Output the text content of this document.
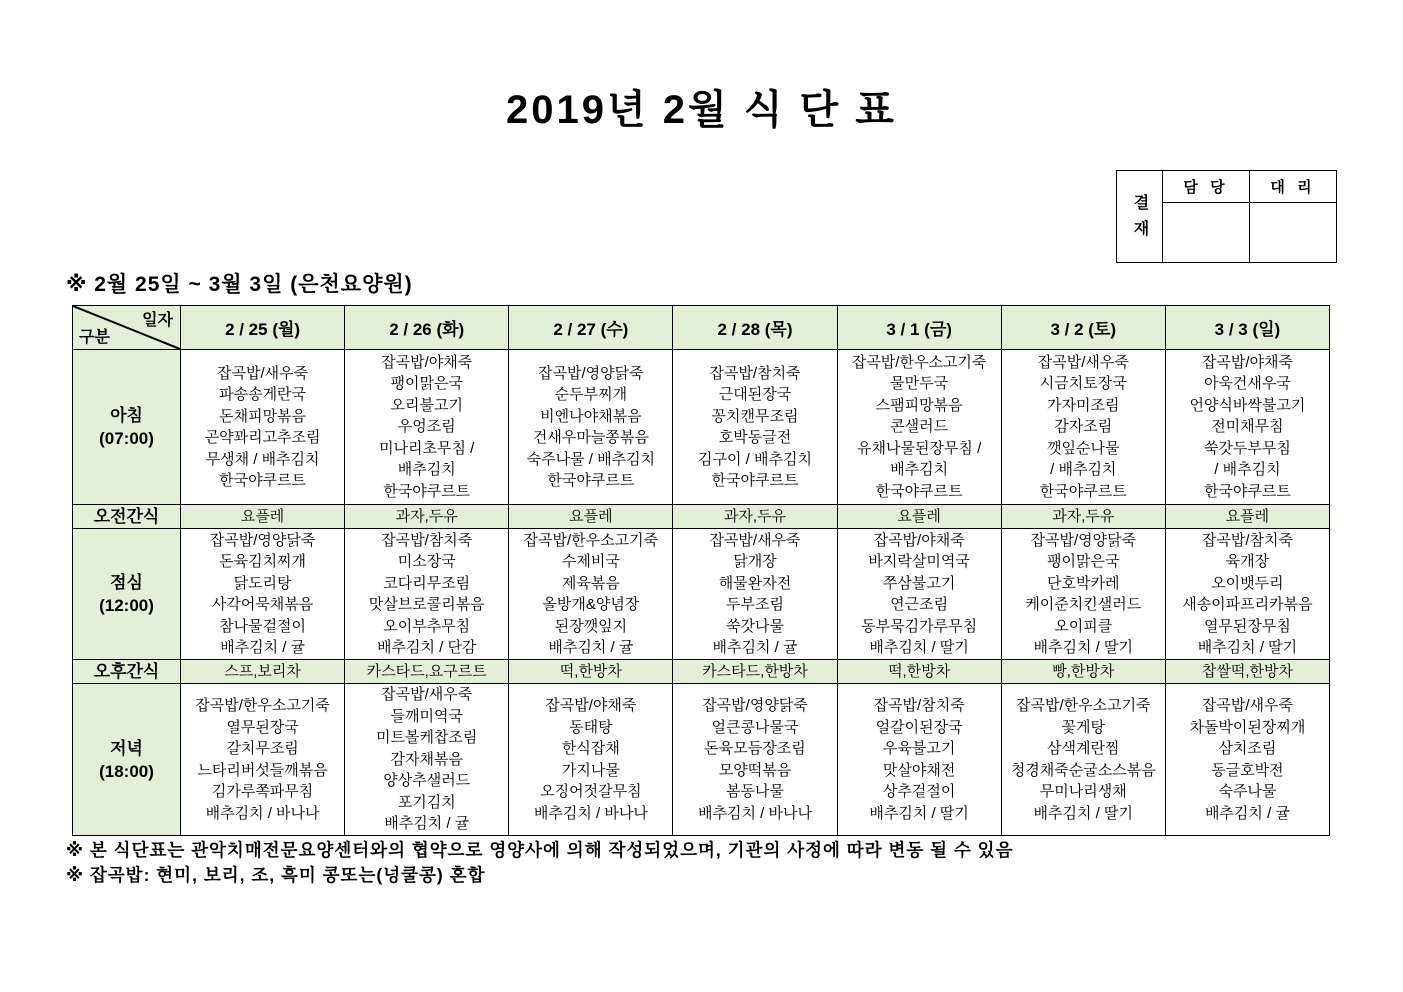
2019년 2월 식 단 표
결재	담 당	대 리

※ 2월 25일 ~ 3월 3일 (은천요양원)
일자
구분	2 / 25 (월)	2 / 26 (화)	2 / 27 (수)	2 / 28 (목)	3 / 1 (금)	3 / 2 (토)	3 / 3 (일)

아침
(07:00)

잡곡밥/새우죽
파송송게란국
돈채피망볶음
곤약꽈리고추조림
무생채 / 배추김치
한국야쿠르트

잡곡밥/야채죽
팽이맑은국
오리불고기
우엉조림
미나리초무침 /
배추김치
한국야쿠르트

잡곡밥/영양닭죽
순두부찌개
비엔나야채볶음
건새우마늘쫑볶음
숙주나물 / 배추김치
한국야쿠르트

잡곡밥/참치죽
근대된장국
꽁치캔무조림
호박동글전
김구이 / 배추김치
한국야쿠르트

잡곡밥/한우소고기죽
물만두국
스팸피망볶음
콘샐러드
유채나물된장무침 /
배추김치
한국야쿠르트

잡곡밥/새우죽
시금치토장국
가자미조림
감자조림
깻잎순나물
/ 배추김치
한국야쿠르트

잡곡밥/야채죽
아욱건새우국
언양식바싹불고기
전미채무침
쑥갓두부무침
/ 배추김치
한국야쿠르트

오전간식	요플레	과자,두유	요플레	과자,두유	요플레	과자,두유	요플레

점심
(12:00)

잡곡밥/영양닭죽
돈육김치찌개
닭도리탕
사각어묵채볶음
참나물겉절이
배추김치 / 귤

잡곡밥/참치죽
미소장국
코다리무조림
맛살브로콜리볶음
오이부추무침
배추김치 / 단감

잡곡밥/한우소고기죽
수제비국
제육볶음
올방개&양념장
된장깻잎지
배추김치 / 귤

잡곡밥/새우죽
닭개장
해물완자전
두부조림
쑥갓나물
배추김치 / 귤

잡곡밥/야채죽
바지락살미역국
쭈삼불고기
연근조림
동부묵김가루무침
배추김치 / 딸기

잡곡밥/영양닭죽
팽이맑은국
단호박카레
케이준치킨샐러드
오이피클
배추김치 / 딸기

잡곡밥/참치죽
육개장
오이뱃두리
새송이파프리카볶음
열무된장무침
배추김치 / 딸기

오후간식	스프,보리차	카스타드,요구르트	떡,한방차	카스타드,한방차	떡,한방차	빵,한방차	찹쌀떡,한방차

저녁
(18:00)

잡곡밥/한우소고기죽
열무된장국
갈치무조림
느타리버섯들깨볶음
김가루쪽파무침
배추김치 / 바나나

잡곡밥/새우죽
들깨미역국
미트볼케찹조림
감자채볶음
양상추샐러드
포기김치
배추김치 / 귤

잡곡밥/야채죽
동태탕
한식잡채
가지나물
오징어젓갈무침
배추김치 / 바나나

잡곡밥/영양닭죽
얼큰콩나물국
돈육모듬장조림
모양떡볶음
봄동나물
배추김치 / 바나나

잡곡밥/참치죽
얼갈이된장국
우육불고기
맛살야채전
상추겉절이
배추김치 / 딸기

잡곡밥/한우소고기죽
꽃게탕
삼색계란찜
청경채죽순굴소스볶음
무미나리생채
배추김치 / 딸기

잡곡밥/새우죽
차돌박이된장찌개
삼치조림
동글호박전
숙주나물
배추김치 / 귤
※ 본 식단표는 관악치매전문요양센터와의 협약으로 영양사에 의해 작성되었으며, 기관의 사정에 따라 변동 될 수 있음
※ 잡곡밥: 현미, 보리, 조, 흑미 콩또는(넝쿨콩) 혼합
